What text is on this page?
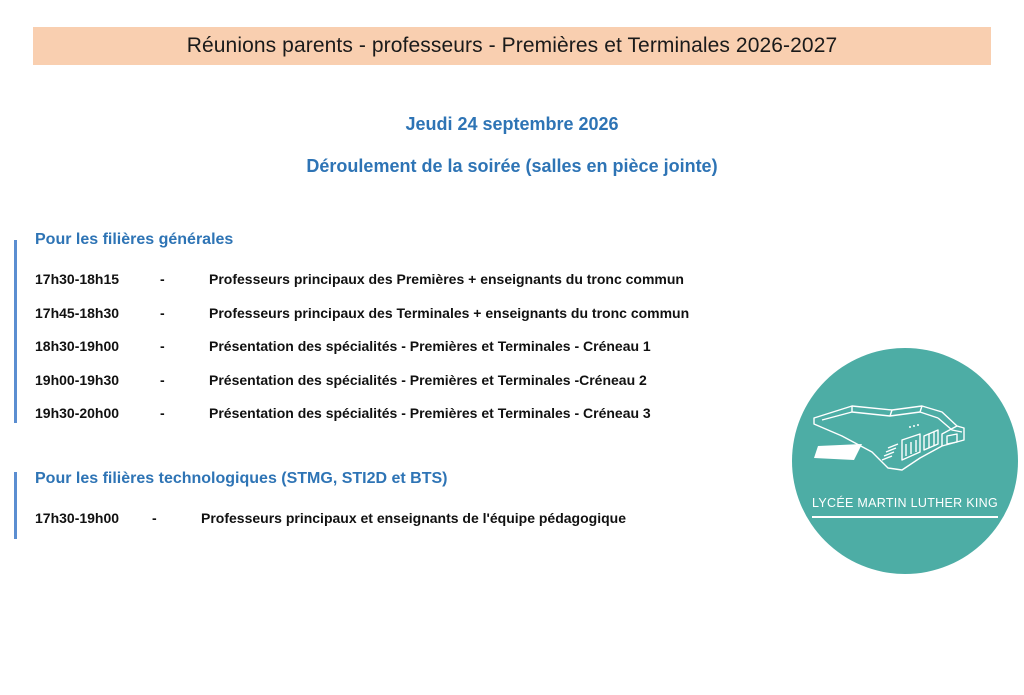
Réunions parents - professeurs - Premières et Terminales 2026-2027
Jeudi 24 septembre 2026
Déroulement de la soirée (salles en pièce jointe)
Pour les filières générales
17h30-18h15	-	Professeurs principaux des Premières + enseignants du tronc commun
17h45-18h30	-	Professeurs principaux des Terminales + enseignants du tronc commun
18h30-19h00	-	Présentation des spécialités - Premières et Terminales - Créneau 1
19h00-19h30	-	Présentation des spécialités - Premières et Terminales -Créneau 2
19h30-20h00	-	Présentation des spécialités - Premières et Terminales - Créneau 3
Pour les filières technologiques (STMG, STI2D et BTS)
17h30-19h00 -	Professeurs principaux et enseignants de l'équipe pédagogique
LYCÉE MARTIN LUTHER KING
